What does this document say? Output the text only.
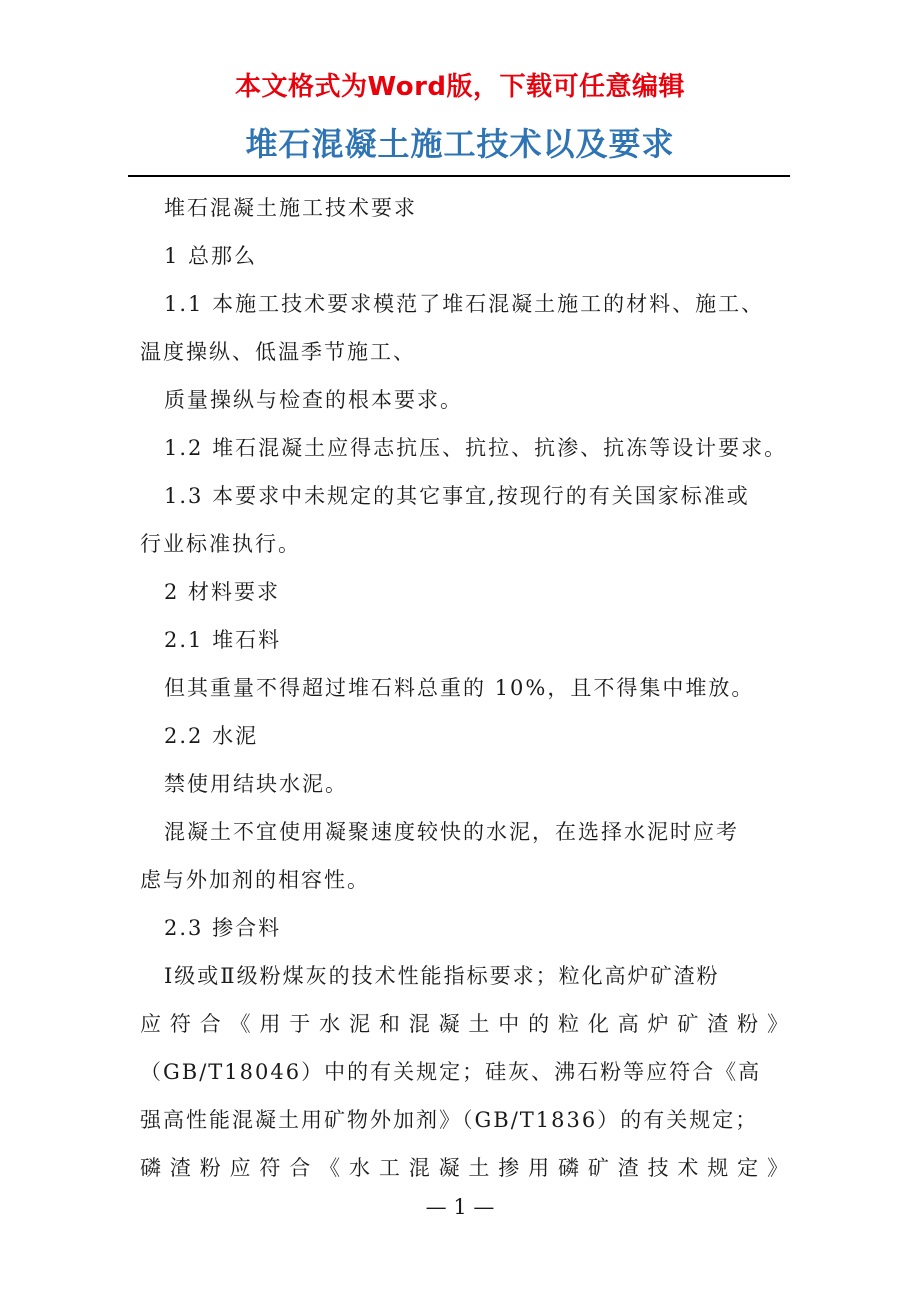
本文格式为Word版，下载可任意编辑
堆石混凝土施工技术以及要求

堆石混凝土施工技术要求

1 总那么

1.1 本施工技术要求模范了堆石混凝土施工的材料、施工、

温度操纵、低温季节施工、

质量操纵与检查的根本要求。

1.2 堆石混凝土应得志抗压、抗拉、抗渗、抗冻等设计要求。

1.3 本要求中未规定的其它事宜,按现行的有关国家标准或

行业标准执行。

2 材料要求

2.1 堆石料

但其重量不得超过堆石料总重的 10%，且不得集中堆放。

2.2 水泥

禁使用结块水泥。

混凝土不宜使用凝聚速度较快的水泥，在选择水泥时应考

虑与外加剂的相容性。

2.3 掺合料

Ⅰ级或Ⅱ级粉煤灰的技术性能指标要求；粒化高炉矿渣粉

应符合《用于水泥和混凝土中的粒化高炉矿渣粉》

（GB/T18046）中的有关规定；硅灰、沸石粉等应符合《高

强高性能混凝土用矿物外加剂》（GB/T1836）的有关规定；

磷渣粉应符合《水工混凝土掺用磷矿渣技术规定》

— 1 —
